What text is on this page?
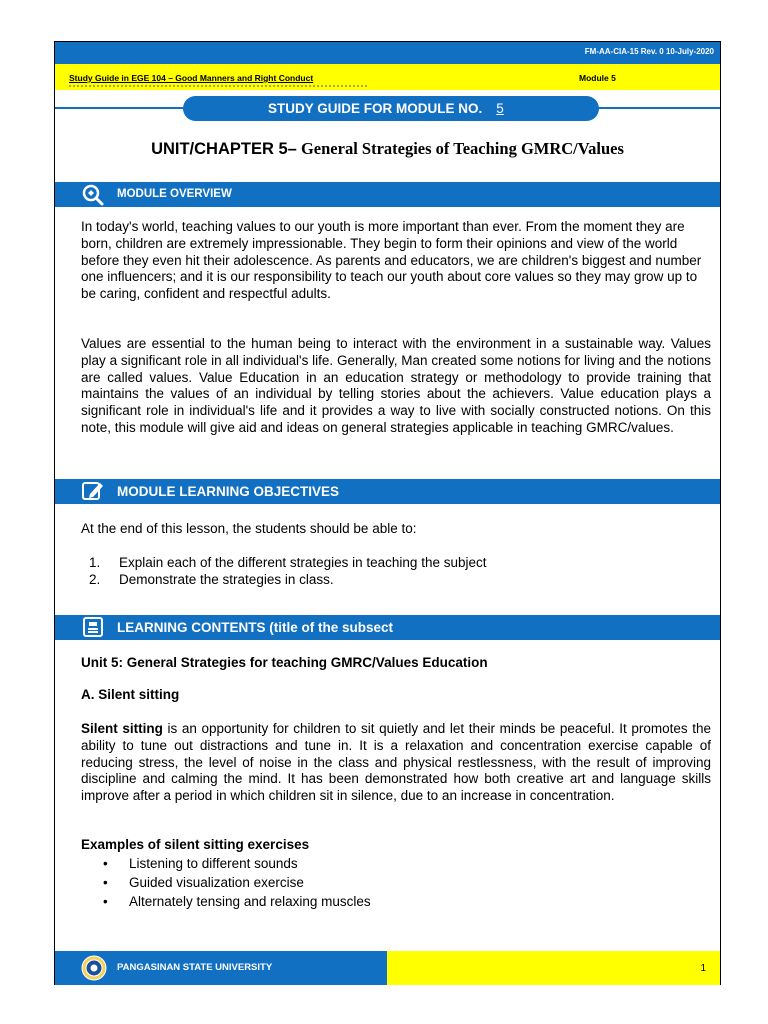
FM-AA-CIA-15 Rev. 0 10-July-2020
Study Guide in EGE 104 – Good Manners and Right Conduct	Module 5
STUDY GUIDE FOR MODULE NO. 5
UNIT/CHAPTER 5– General Strategies of Teaching GMRC/Values
MODULE OVERVIEW
In today's world, teaching values to our youth is more important than ever. From the moment they are born, children are extremely impressionable. They begin to form their opinions and view of the world before they even hit their adolescence. As parents and educators, we are children's biggest and number one influencers; and it is our responsibility to teach our youth about core values so they may grow up to be caring, confident and respectful adults.
Values are essential to the human being to interact with the environment in a sustainable way. Values play a significant role in all individual's life. Generally, Man created some notions for living and the notions are called values. Value Education in an education strategy or methodology to provide training that maintains the values of an individual by telling stories about the achievers. Value education plays a significant role in individual's life and it provides a way to live with socially constructed notions. On this note, this module will give aid and ideas on general strategies applicable in teaching GMRC/values.
MODULE LEARNING OBJECTIVES
At the end of this lesson, the students should be able to:
1.	Explain each of the different strategies in teaching the subject
2.	Demonstrate the strategies in class.
LEARNING CONTENTS (title of the subsect
Unit 5: General Strategies for teaching GMRC/Values Education
A. Silent sitting
Silent sitting is an opportunity for children to sit quietly and let their minds be peaceful. It promotes the ability to tune out distractions and tune in. It is a relaxation and concentration exercise capable of reducing stress, the level of noise in the class and physical restlessness, with the result of improving discipline and calming the mind. It has been demonstrated how both creative art and language skills improve after a period in which children sit in silence, due to an increase in concentration.
Examples of silent sitting exercises
•	Listening to different sounds
•	Guided visualization exercise
•	Alternately tensing and relaxing muscles
PANGASINAN STATE UNIVERSITY	1
